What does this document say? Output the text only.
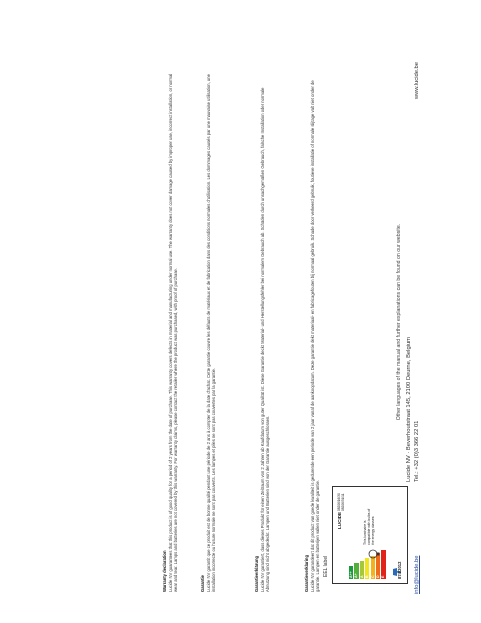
Warranty declaration Lucide NV guarantees that this product is of good quality for a period of 2 years from the date of purchase. This warranty covers defects in material and manufacturing under normal use. The warranty does not cover damage caused by improper use, incorrect installation, or normal wear and tear. Lamps and batteries are not covered by this warranty. For warranty claims, please contact the retailer where the product was purchased, with proof of purchase.	Garantie Lucide NV garantit que ce produit est de bonne qualité pendant une période de 2 ans à compter de la date d'achat. Cette garantie couvre les défauts de matériaux et de fabrication dans des conditions normales d'utilisation. Les dommages causés par une mauvaise utilisation, une installation incorrecte ou l'usure normale ne sont pas couverts. Les lampes et piles ne sont pas couvertes par la garantie.	Garantieerklärung Lucide NV garantiert, dass dieses Produkt für einen Zeitraum von 2 Jahren ab Kaufdatum von guter Qualität ist. Diese Garantie deckt Material- und Herstellungsfehler bei normalem Gebrauch ab. Schäden durch unsachgemäßen Gebrauch, falsche Installation oder normale Abnutzung sind nicht abgedeckt. Lampen und Batterien sind von der Garantie ausgeschlossen.	Garantieverklaring Lucide NV garandeert dat dit product van goede kwaliteit is gedurende een periode van 2 jaar vanaf de aankoopdatum. Deze garantie dekt materiaal- en fabricagefouten bij normaal gebruik. Schade door verkeerd gebruik, foutieve installatie of normale slijtage valt niet onder de garantie. Lampen en batterijen vallen niet onder de garantie. EEL label
LUCIDE
08206/16/30 08206/31/11
A++ A+ A B C D E
This luminaire is compatible with bulbs of the energy classes:
874/2012
Other languages of the manual and further explanations can be found on our website. Lucide NV · Beverhoutstraat 145, 2100 Deurne, Belgium
info@lucide.be
Tel.: +32 (0)3 366 22 01
www.lucide.be
